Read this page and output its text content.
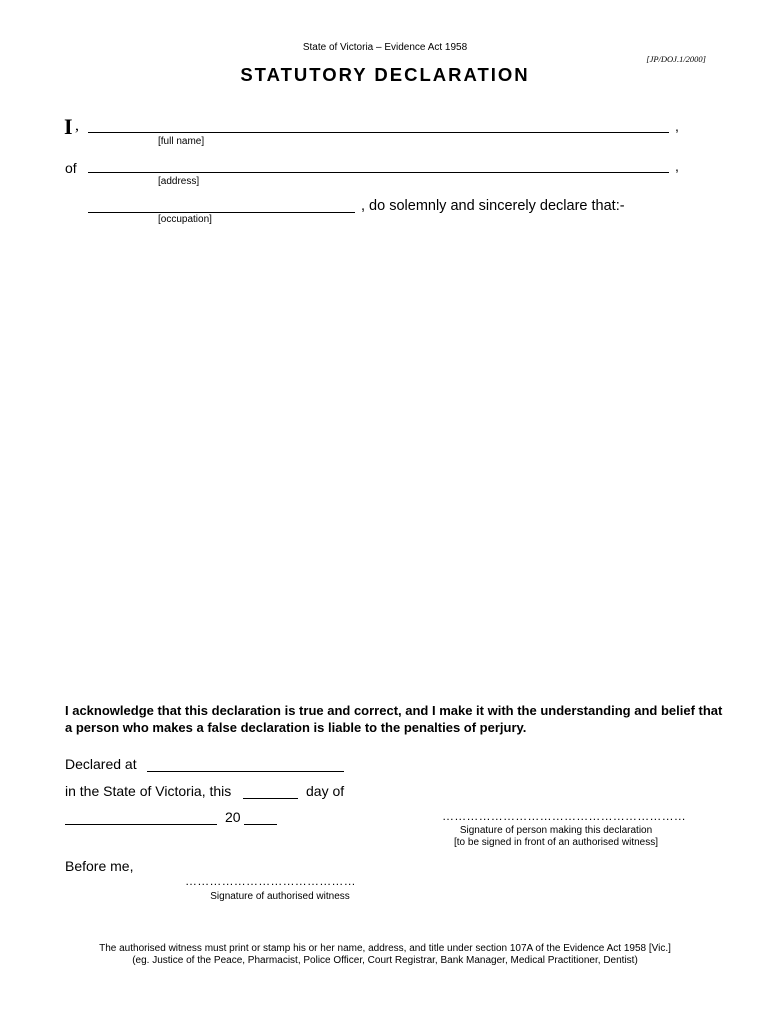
State of Victoria – Evidence Act 1958
[JP/DOJ.1/2000]
STATUTORY DECLARATION
I ,	,
[full name]
of	,
[address]
, do solemnly and sincerely declare that:-
[occupation]
I acknowledge that this declaration is true and correct, and I make it with the understanding and belief that a person who makes a false declaration is liable to the penalties of perjury.
Declared at
in the State of Victoria, this	day of
20	……………………………………………………
Signature of person making this declaration
[to be signed in front of an authorised witness]
Before me,
……………………………………
Signature of authorised witness
The authorised witness must print or stamp his or her name, address, and title under section 107A of the Evidence Act 1958 [Vic.]
(eg. Justice of the Peace, Pharmacist, Police Officer, Court Registrar, Bank Manager, Medical Practitioner, Dentist)
